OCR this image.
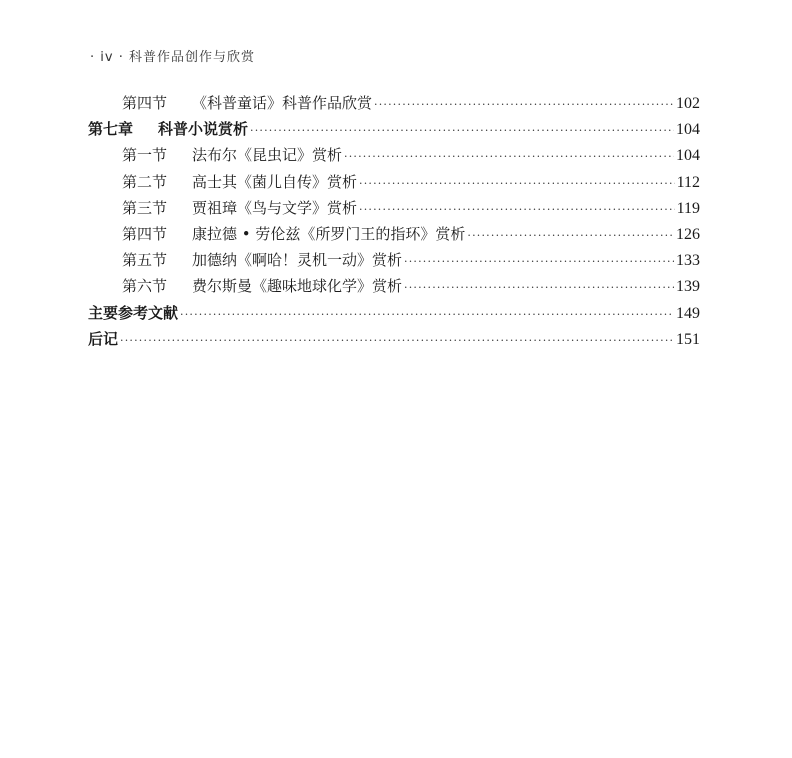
· iv · 科普作品创作与欣赏
第四节	《科普童话》科普作品欣赏 ·····	102
第七章	科普小说赏析 ·····	104
第一节	法布尔《昆虫记》赏析 ·····	104
第二节	高士其《菌儿自传》赏析 ·····	112
第三节	贾祖璋《鸟与文学》赏析 ·····	119
第四节	康拉德 • 劳伦兹《所罗门王的指环》赏析 ·····	126
第五节	加德纳《啊哈！灵机一动》赏析 ·····	133
第六节	费尔斯曼《趣味地球化学》赏析 ·····	139
主要参考文献 ·····	149
后记 ·····	151
